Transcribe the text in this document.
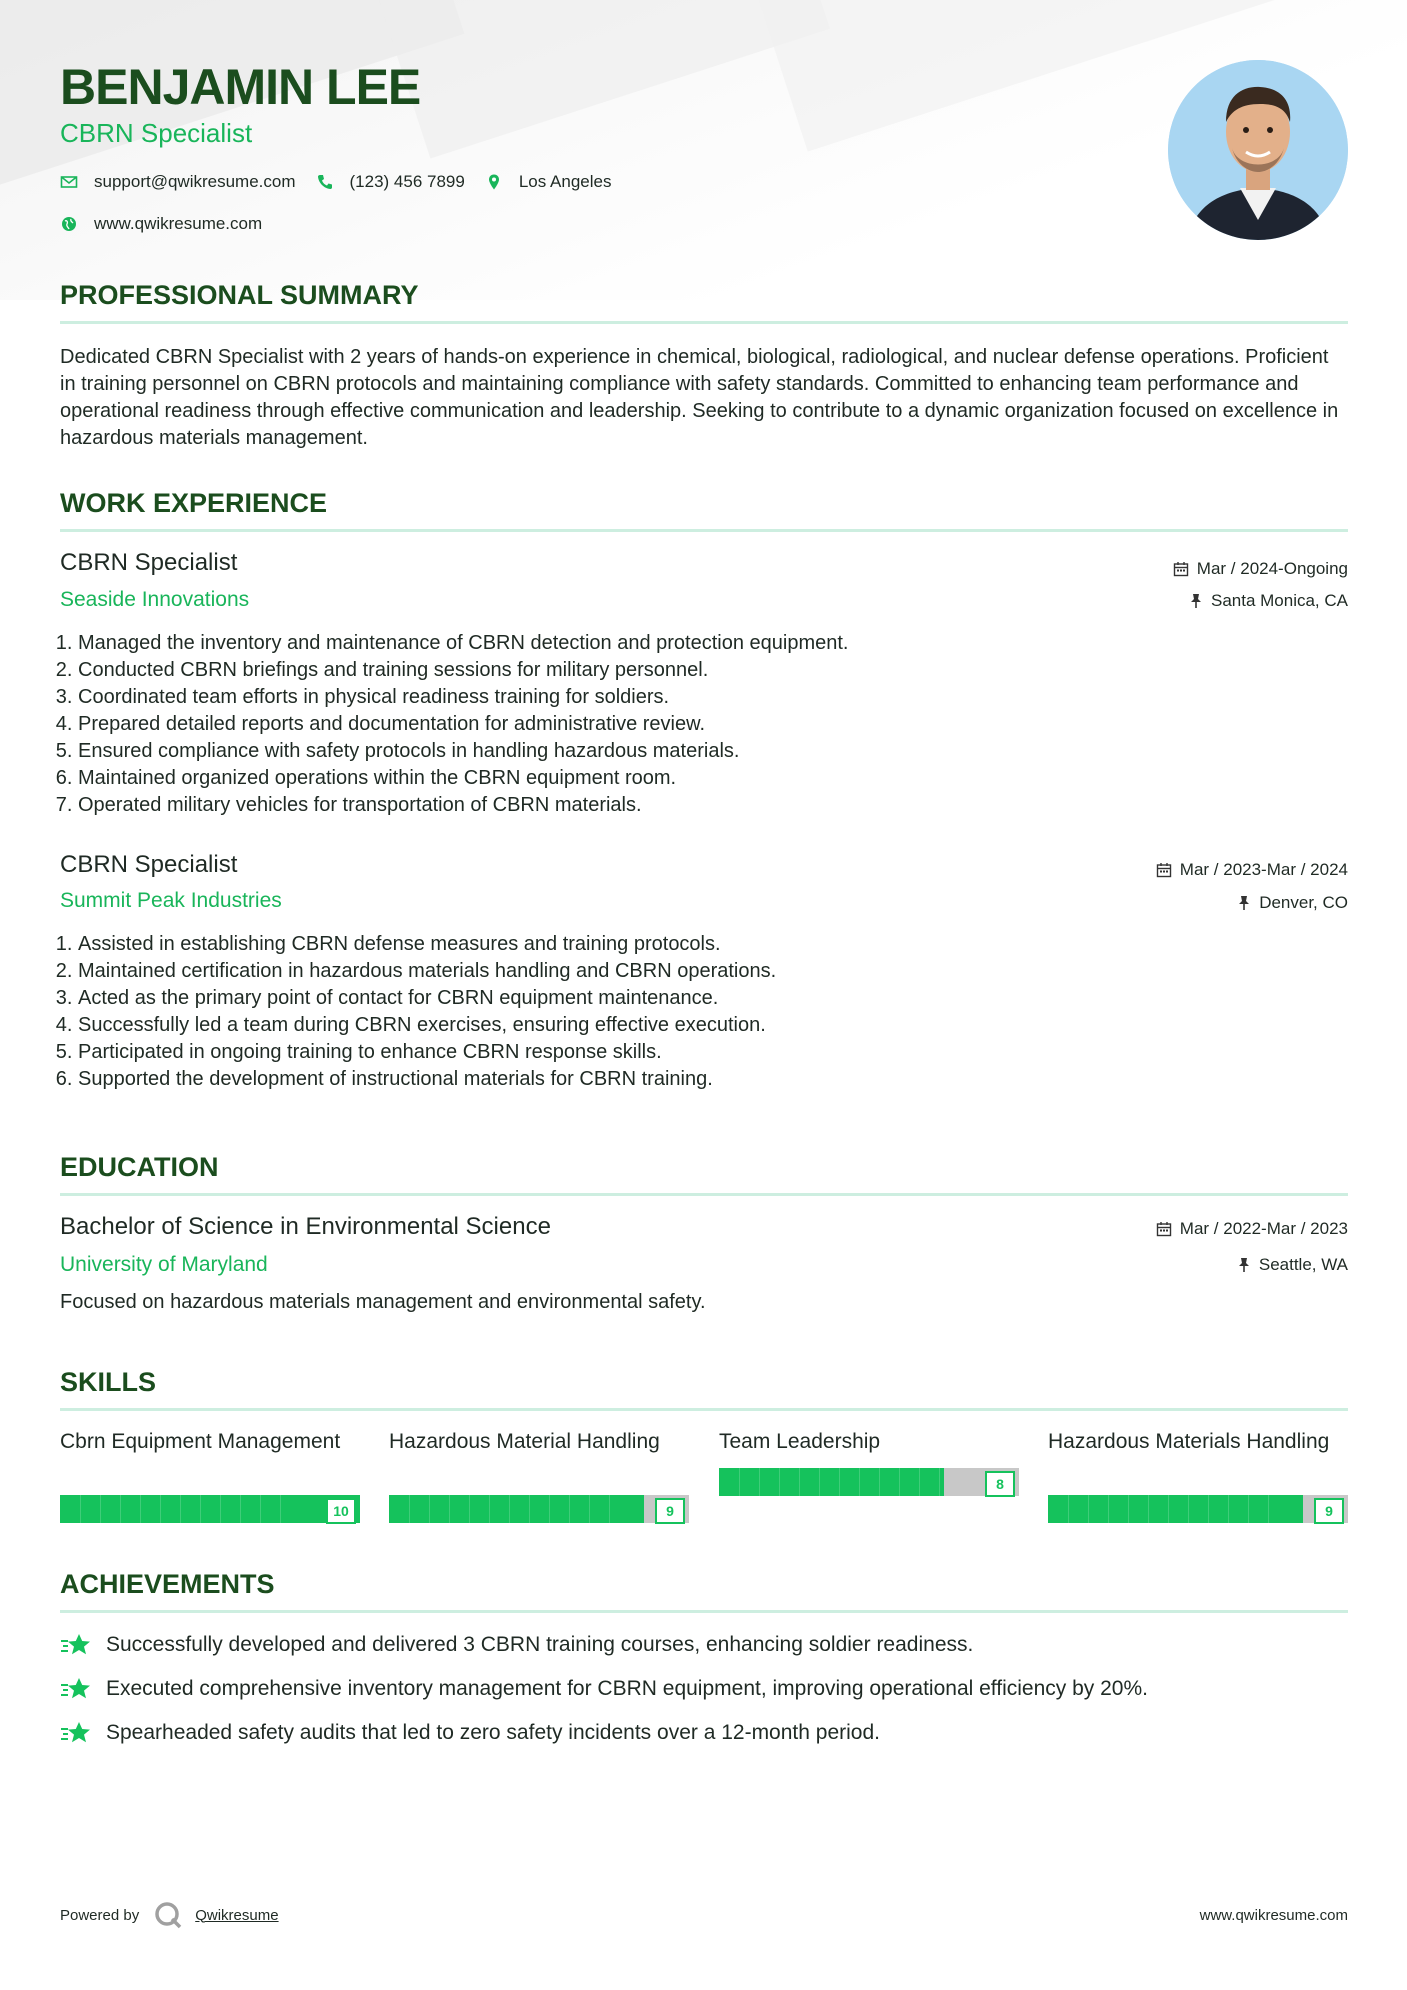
BENJAMIN LEE
CBRN Specialist
support@qwikresume.com	(123) 456 7899	Los Angeles
www.qwikresume.com
PROFESSIONAL SUMMARY
Dedicated CBRN Specialist with 2 years of hands-on experience in chemical, biological, radiological, and nuclear defense operations. Proficient in training personnel on CBRN protocols and maintaining compliance with safety standards. Committed to enhancing team performance and operational readiness through effective communication and leadership. Seeking to contribute to a dynamic organization focused on excellence in hazardous materials management.
WORK EXPERIENCE
CBRN Specialist
Seaside Innovations
Mar / 2024-Ongoing
Santa Monica, CA
1. Managed the inventory and maintenance of CBRN detection and protection equipment.
2. Conducted CBRN briefings and training sessions for military personnel.
3. Coordinated team efforts in physical readiness training for soldiers.
4. Prepared detailed reports and documentation for administrative review.
5. Ensured compliance with safety protocols in handling hazardous materials.
6. Maintained organized operations within the CBRN equipment room.
7. Operated military vehicles for transportation of CBRN materials.
CBRN Specialist
Summit Peak Industries
Mar / 2023-Mar / 2024
Denver, CO
1. Assisted in establishing CBRN defense measures and training protocols.
2. Maintained certification in hazardous materials handling and CBRN operations.
3. Acted as the primary point of contact for CBRN equipment maintenance.
4. Successfully led a team during CBRN exercises, ensuring effective execution.
5. Participated in ongoing training to enhance CBRN response skills.
6. Supported the development of instructional materials for CBRN training.
EDUCATION
Bachelor of Science in Environmental Science
University of Maryland
Mar / 2022-Mar / 2023
Seattle, WA
Focused on hazardous materials management and environmental safety.
SKILLS
Cbrn Equipment Management
10
Hazardous Material Handling
9
Team Leadership
8
Hazardous Materials Handling
9
ACHIEVEMENTS
Successfully developed and delivered 3 CBRN training courses, enhancing soldier readiness.
Executed comprehensive inventory management for CBRN equipment, improving operational efficiency by 20%.
Spearheaded safety audits that led to zero safety incidents over a 12-month period.
Powered by	Qwikresume	www.qwikresume.com
